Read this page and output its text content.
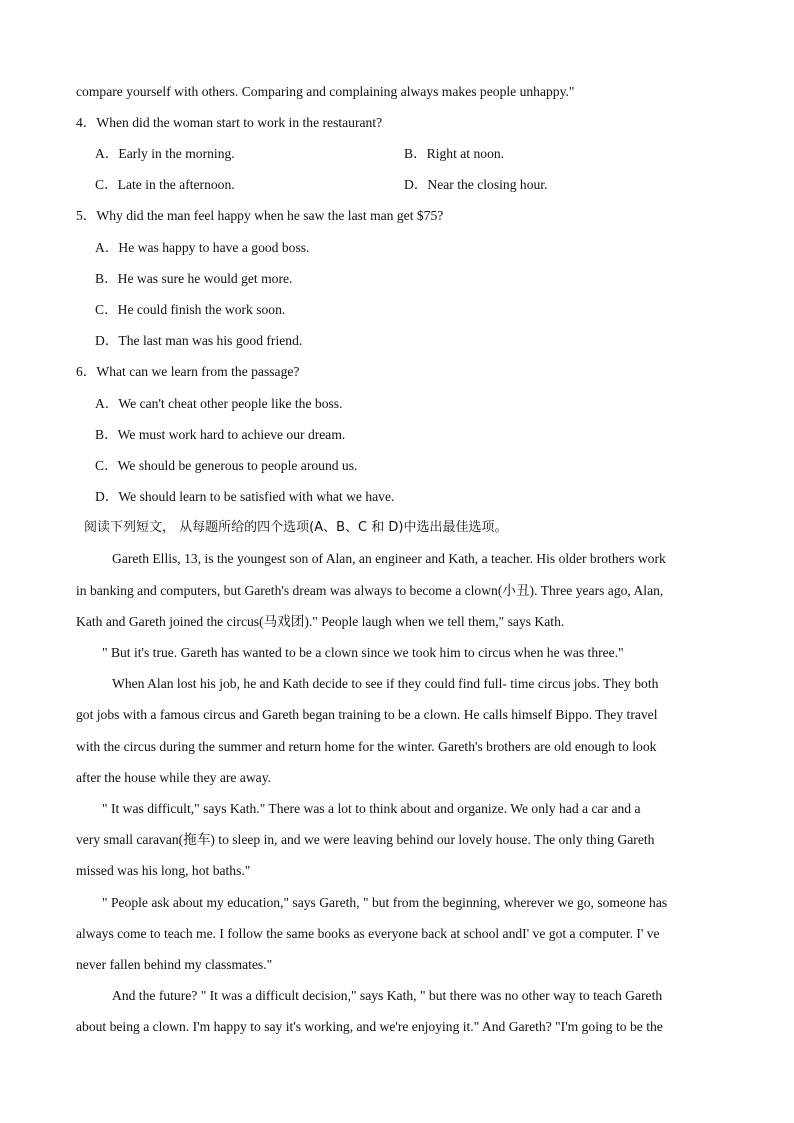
compare yourself with others. Comparing and complaining always makes people unhappy."
4．When did the woman start to work in the restaurant?
A．Early in the morning.	B．Right at noon.
C．Late in the afternoon.	D．Near the closing hour.
5．Why did the man feel happy when he saw the last man get $75?
A．He was happy to have a good boss.
B．He was sure he would get more.
C．He could finish the work soon.
D．The last man was his good friend.
6．What can we learn from the passage?
A．We can't cheat other people like the boss.
B．We must work hard to achieve our dream.
C．We should be generous to people around us.
D．We should learn to be satisfied with what we have.
阅读下列短文， 从每题所给的四个选项(A、B、C 和 D)中选出最佳选项。
Gareth Ellis, 13, is the youngest son of Alan, an engineer and Kath, a teacher. His older brothers work
in banking and computers, but Gareth's dream was always to become a clown(小丑). Three years ago, Alan,
Kath and Gareth joined the circus(马戏团)." People laugh when we tell them," says Kath.
" But it's true. Gareth has wanted to be a clown since we took him to circus when he was three."
When Alan lost his job, he and Kath decide to see if they could find full- time circus jobs. They both
got jobs with a famous circus and Gareth began training to be a clown. He calls himself Bippo. They travel
with the circus during the summer and return home for the winter. Gareth's brothers are old enough to look
after the house while they are away.
" It was difficult," says Kath." There was a lot to think about and organize. We only had a car and a
very small caravan(拖车) to sleep in, and we were leaving behind our lovely house. The only thing Gareth
missed was his long, hot baths."
" People ask about my education," says Gareth, " but from the beginning, wherever we go, someone has
always come to teach me. I follow the same books as everyone back at school andI' ve got a computer. I' ve
never fallen behind my classmates."
And the future? " It was a difficult decision," says Kath, " but there was no other way to teach Gareth
about being a clown. I'm happy to say it's working, and we're enjoying it." And Gareth? "I'm going to be the
